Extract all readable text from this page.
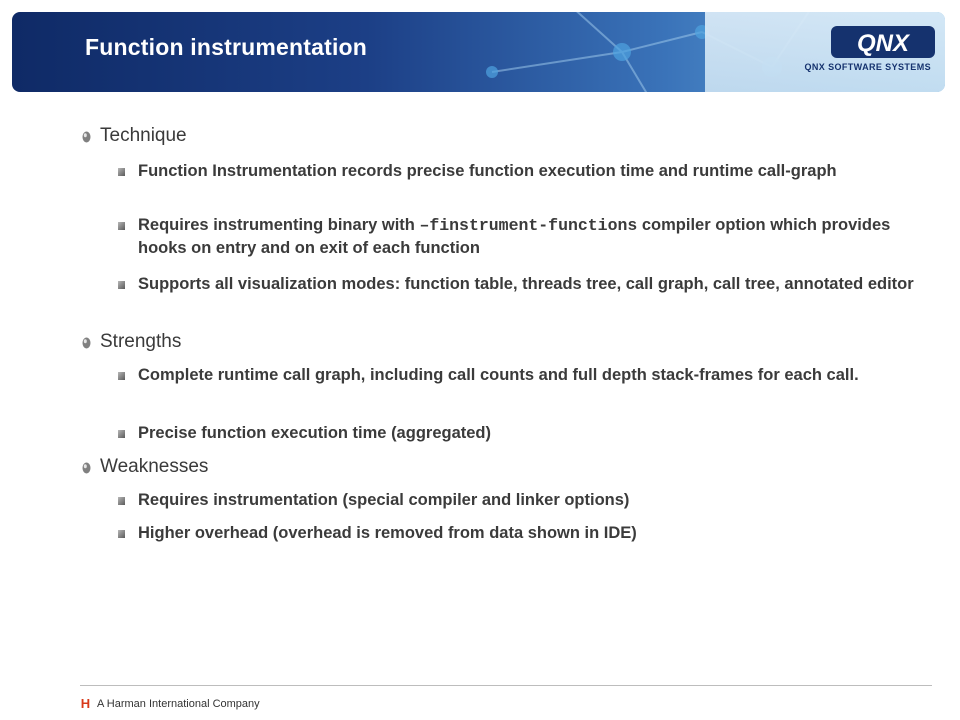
Function instrumentation	QNX
QNX SOFTWARE SYSTEMS
Technique
Function Instrumentation records precise function execution time and runtime call-graph
Requires instrumenting binary with –finstrument-functions compiler option which provides hooks on entry and on exit of each function
Supports all visualization modes: function table, threads tree, call graph, call tree, annotated editor
Strengths
Complete runtime call graph, including call counts and full depth stack-frames for each call.
Precise function execution time (aggregated)
Weaknesses
Requires instrumentation (special compiler and linker options)
Higher overhead (overhead is removed from data shown in IDE)
H A Harman International Company
